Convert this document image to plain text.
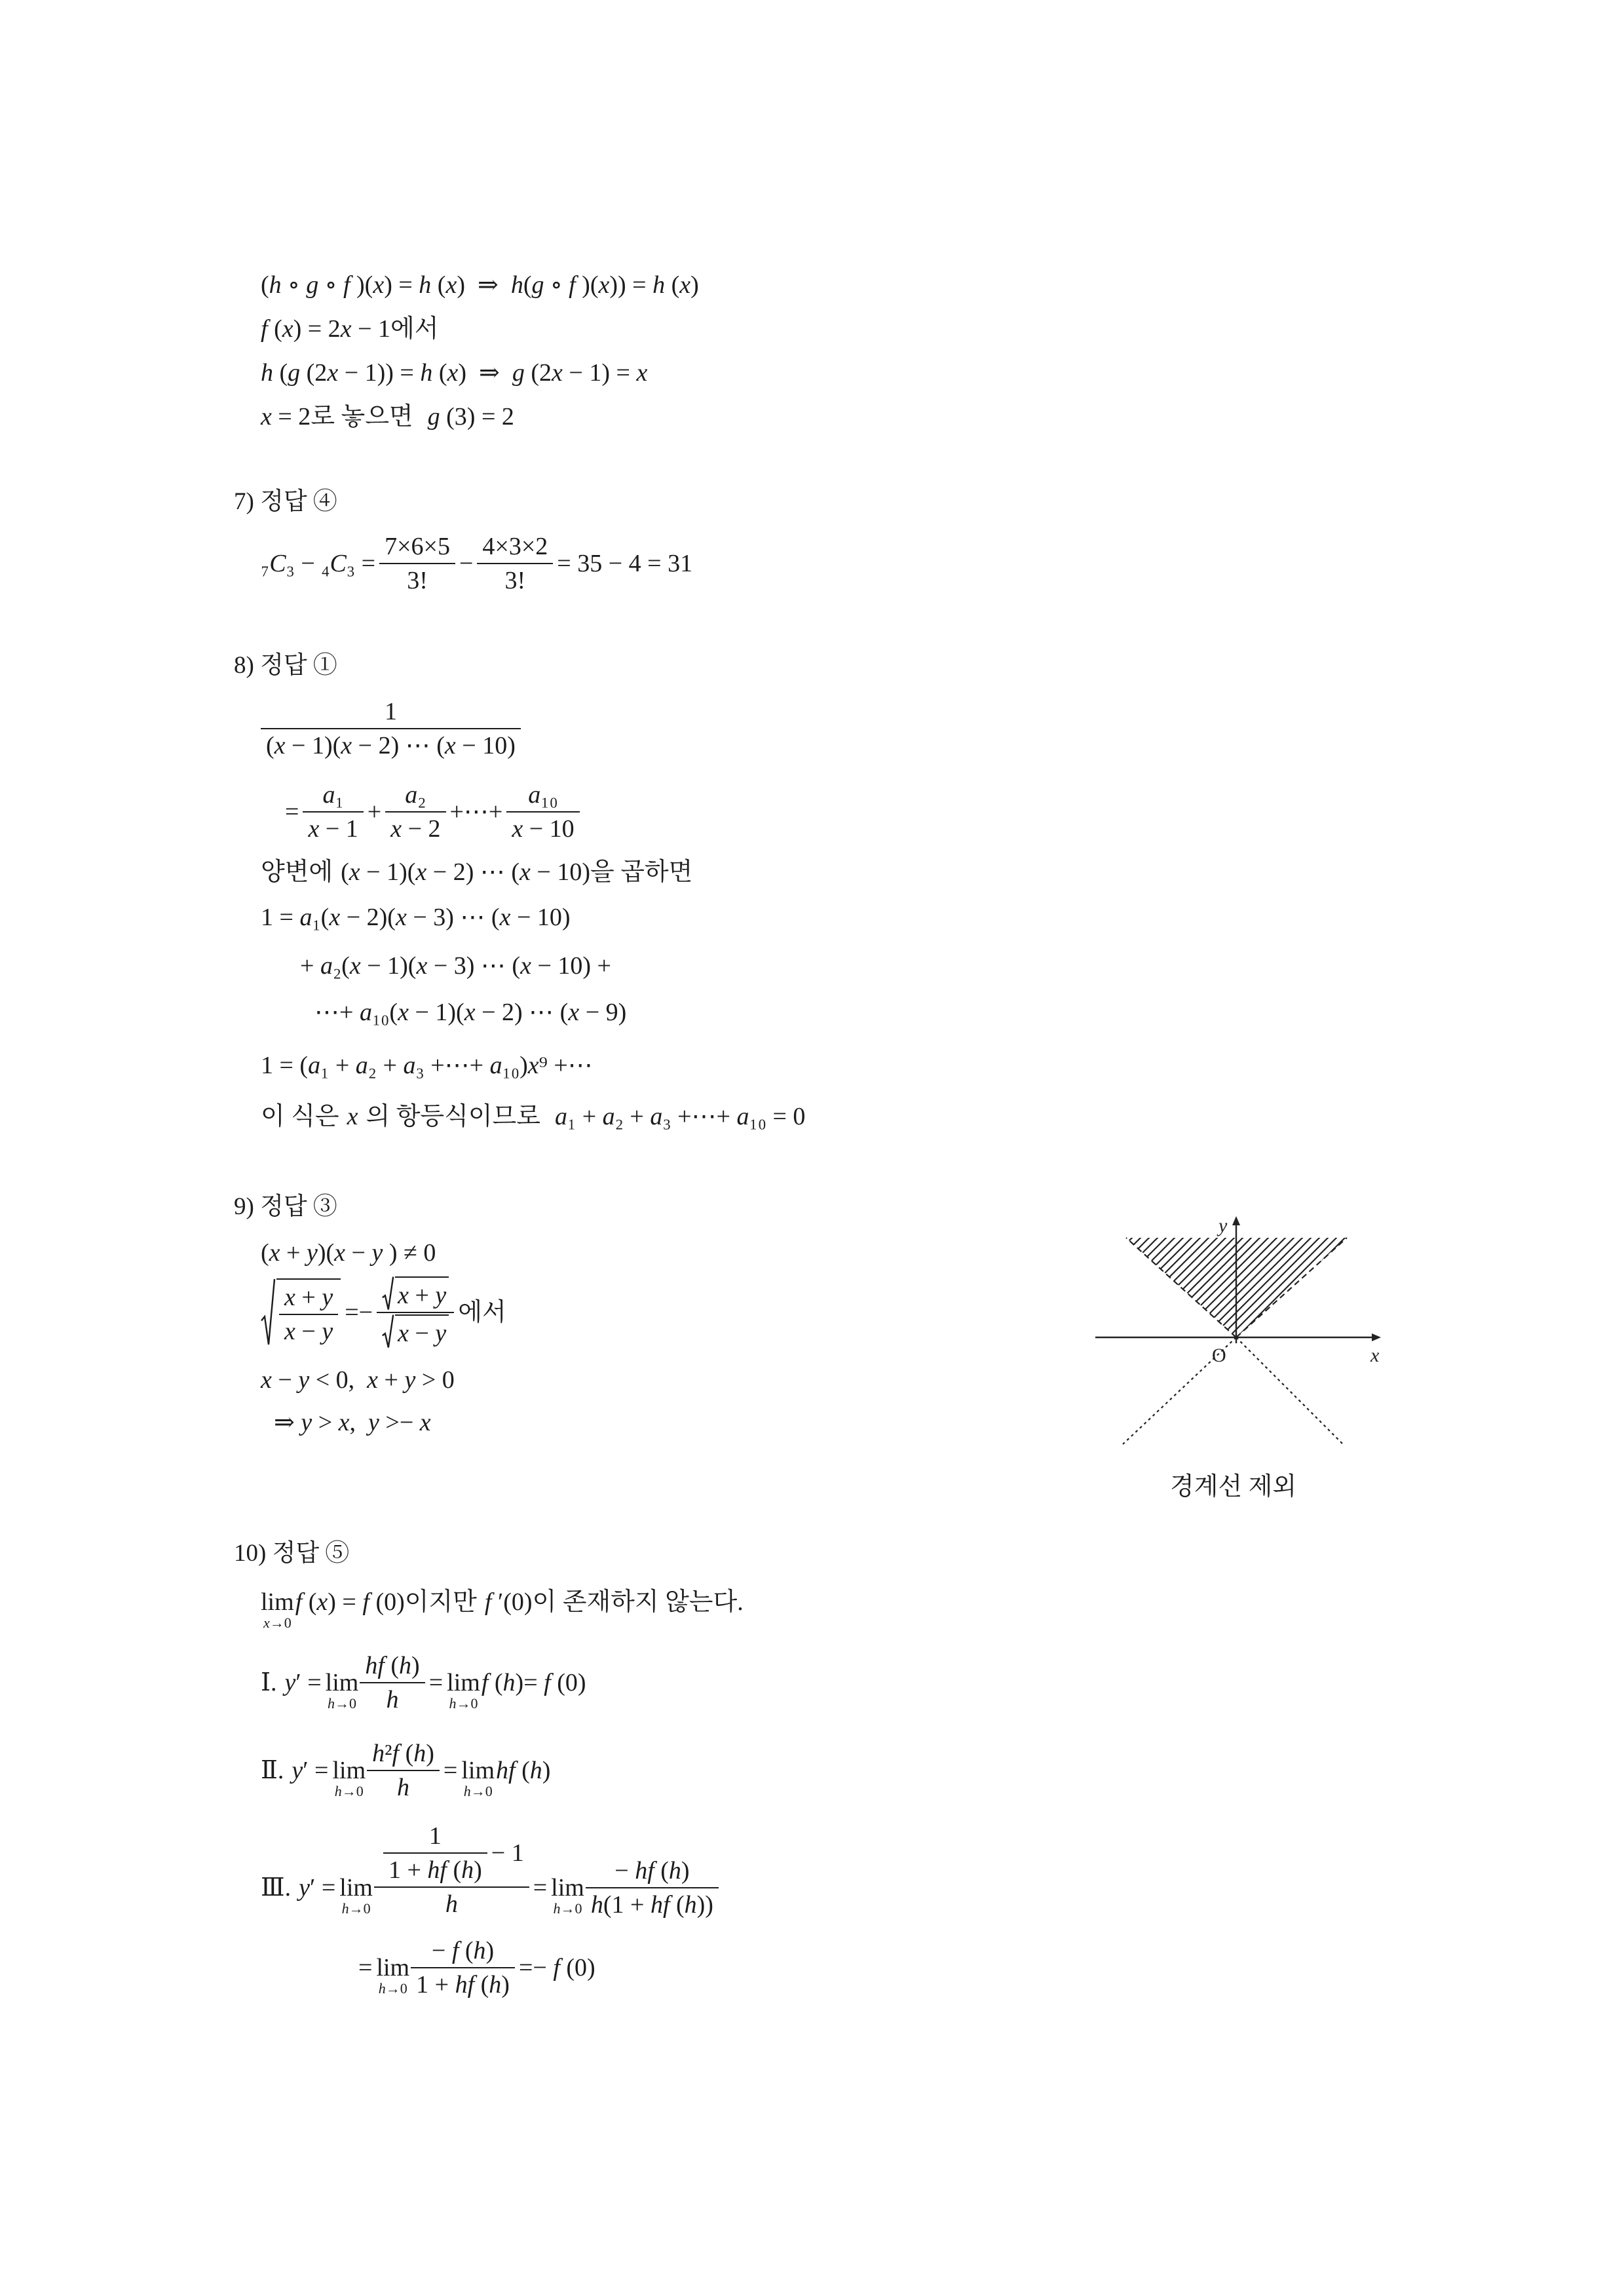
(h ∘ g ∘ f )(x) = h (x)  ⇒  h(g ∘ f )(x)) = h (x)
f (x) = 2x − 1 에서
h (g (2x − 1)) = h (x)  ⇒  g (2x − 1) = x
x = 2 로 놓으면 g (3) = 2
7) 정답 ④
$_7C_3 - _4C_3 = \frac{7\times 6\times 5}{3!} - \frac{4\times 3\times 2}{3!} = 35 - 4 = 31$
8) 정답 ①
$\frac{1}{(x - 1)(x - 2) \cdots (x - 10)}$
= $\frac{\text{a₁}}{x - 1} + \frac{\text{a₂}}{x - 2}$ +⋯+ $\frac{\text{a₁₀}}{x - 10}$
양변에 (x − 1)(x − 2) ⋯ (x − 10) 을 곱하면
1 = a₁(x − 2)(x − 3) ⋯ (x − 10)
+ a₂(x − 1)(x − 3) ⋯ (x − 10) +
⋯+ a₁₀(x − 1)(x − 2) ⋯ (x − 9)
1 = (a₁ + a₂ + a₃ +⋯+ a₁₀)x⁹ +⋯
이 식은 x 의 항등식이므로 a₁ + a₂ + a₃ +⋯+ a₁₀ = 0
9) 정답 ③
(x + y)(x − y ) ≠ 0
$\frac{x + y}{x - y} =- \frac{x + y}{x - y}$ 에서
x − y < 0,  x + y > 0
⇒ y > x,  y >− x
y
x
O
경계선 제외
10) 정답 ⑤
lim
x→0
f (x) = f (0) 이지만 f ′(0) 이 존재하지 않는다.
Ⅰ. y′ = lim
$h\to 0 \frac{hf (h)}{h} = \lim$
h→0
f (h)= f (0)
Ⅱ. y′ = lim
$h\to 0 \frac{\text{h²f (h)}}{h} = \lim$
h→0
hf (h)
Ⅲ. y′ = lim
$h\to 0 \frac{\frac{1}{1 + hf (h)} - 1}{h} = \lim$
$h\to 0 \frac{- hf (h)}{h(1 + hf (h))}$
= lim
$h\to 0 \frac{- f (h)}{1 + hf (h)} =- f$ (0)
